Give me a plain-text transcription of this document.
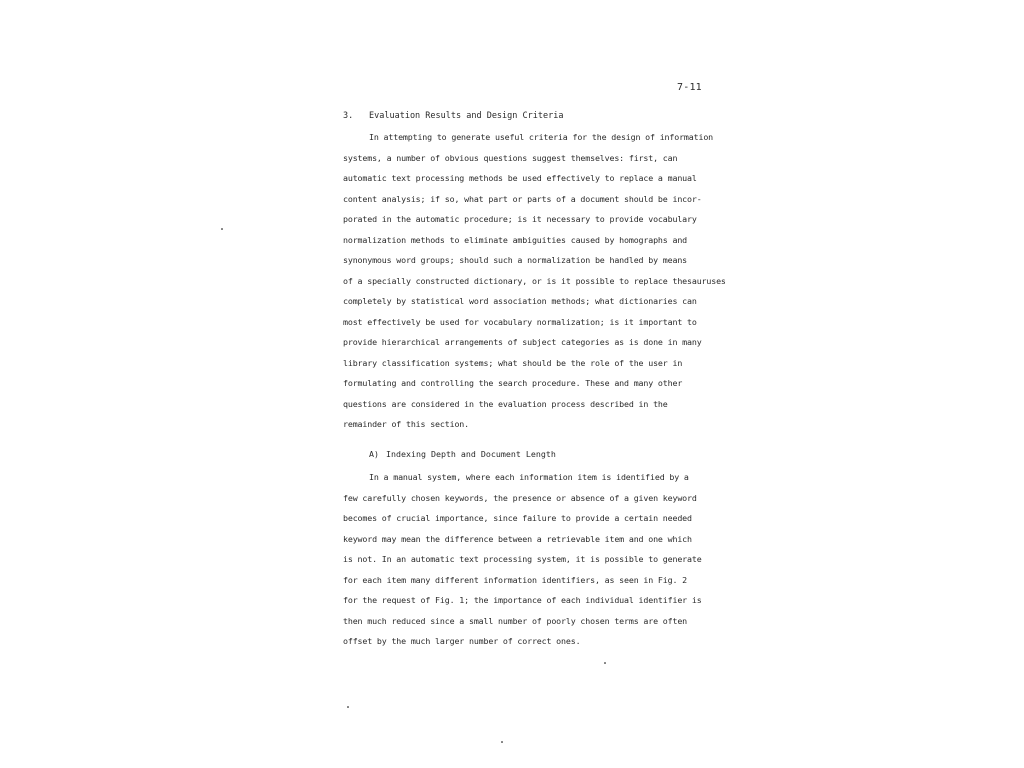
7-11
3. Evaluation Results and Design Criteria
In attempting to generate useful criteria for the design of information
systems, a number of obvious questions suggest themselves: first, can
automatic text processing methods be used effectively to replace a manual
content analysis; if so, what part or parts of a document should be incor-
porated in the automatic procedure; is it necessary to provide vocabulary
normalization methods to eliminate ambiguities caused by homographs and
synonymous word groups; should such a normalization be handled by means
of a specially constructed dictionary, or is it possible to replace thesauruses
completely by statistical word association methods; what dictionaries can
most effectively be used for vocabulary normalization; is it important to
provide hierarchical arrangements of subject categories as is done in many
library classification systems; what should be the role of the user in
formulating and controlling the search procedure. These and many other
questions are considered in the evaluation process described in the
remainder of this section.
A) Indexing Depth and Document Length
In a manual system, where each information item is identified by a
few carefully chosen keywords, the presence or absence of a given keyword
becomes of crucial importance, since failure to provide a certain needed
keyword may mean the difference between a retrievable item and one which
is not. In an automatic text processing system, it is possible to generate
for each item many different information identifiers, as seen in Fig. 2
for the request of Fig. 1; the importance of each individual identifier is
then much reduced since a small number of poorly chosen terms are often
offset by the much larger number of correct ones.
